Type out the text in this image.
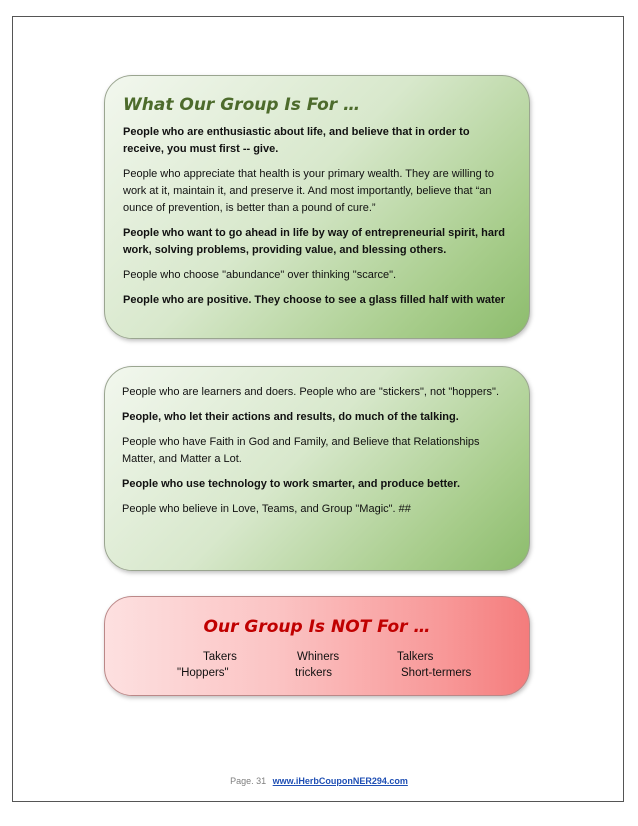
What Our Group Is For …

People who are enthusiastic about life, and believe that in order to receive, you must first -- give.

People who appreciate that health is your primary wealth. They are willing to work at it, maintain it, and preserve it. And most importantly, believe that “an ounce of prevention, is better than a pound of cure.”

People who want to go ahead in life by way of entrepreneurial spirit, hard work, solving problems, providing value, and blessing others.

People who choose "abundance" over thinking "scarce".

People who are positive. They choose to see a glass filled half with water

People who are learners and doers. People who are "stickers", not "hoppers".

People, who let their actions and results, do much of the talking.

People who have Faith in God and Family, and Believe that Relationships Matter, and Matter a Lot.

People who use technology to work smarter, and produce better.

People who believe in Love, Teams, and Group "Magic". ##

Our Group Is NOT For …
Takers	Whiners	Talkers
"Hoppers"	trickers	Short-termers
Page. 31 www.iHerbCouponNER294.com
